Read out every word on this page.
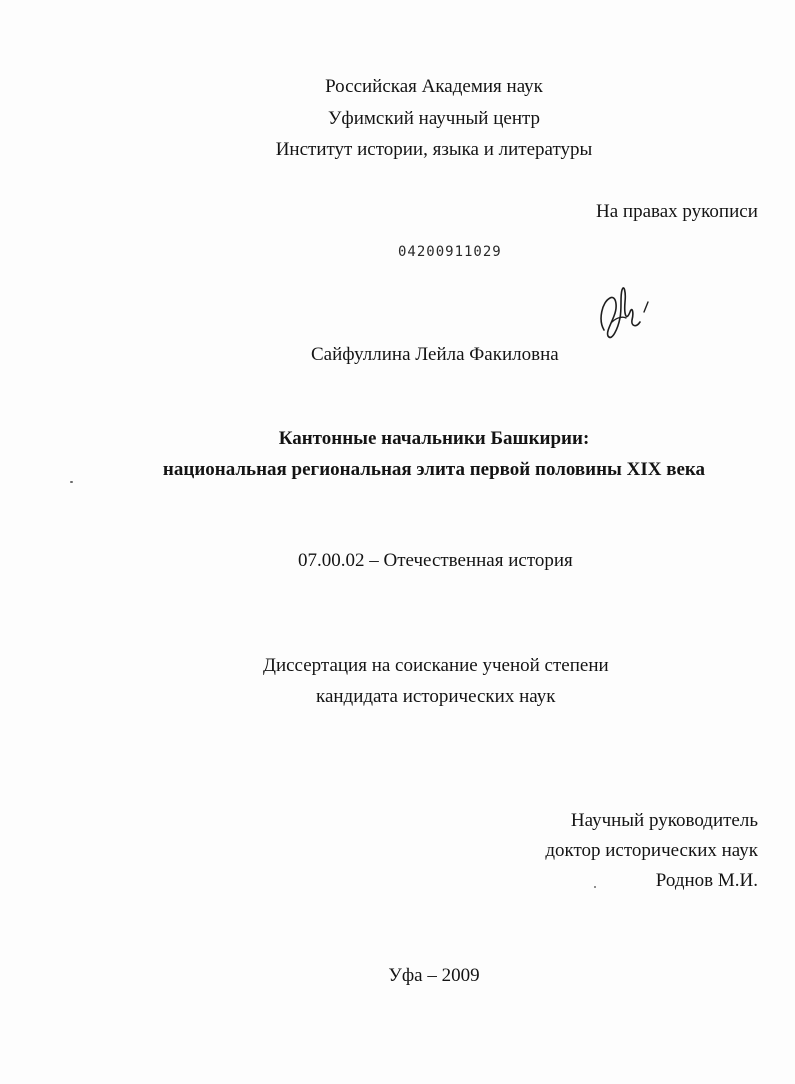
Российская Академия наук
Уфимский научный центр
Институт истории, языка и литературы
На правах рукописи
04200911029
Сайфуллина Лейла Факиловна
Кантонные начальники Башкирии:
национальная региональная элита первой половины XIX века
07.00.02 – Отечественная история
Диссертация на соискание ученой степени
кандидата исторических наук
Научный руководитель
доктор исторических наук
Роднов М.И.
Уфа – 2009
